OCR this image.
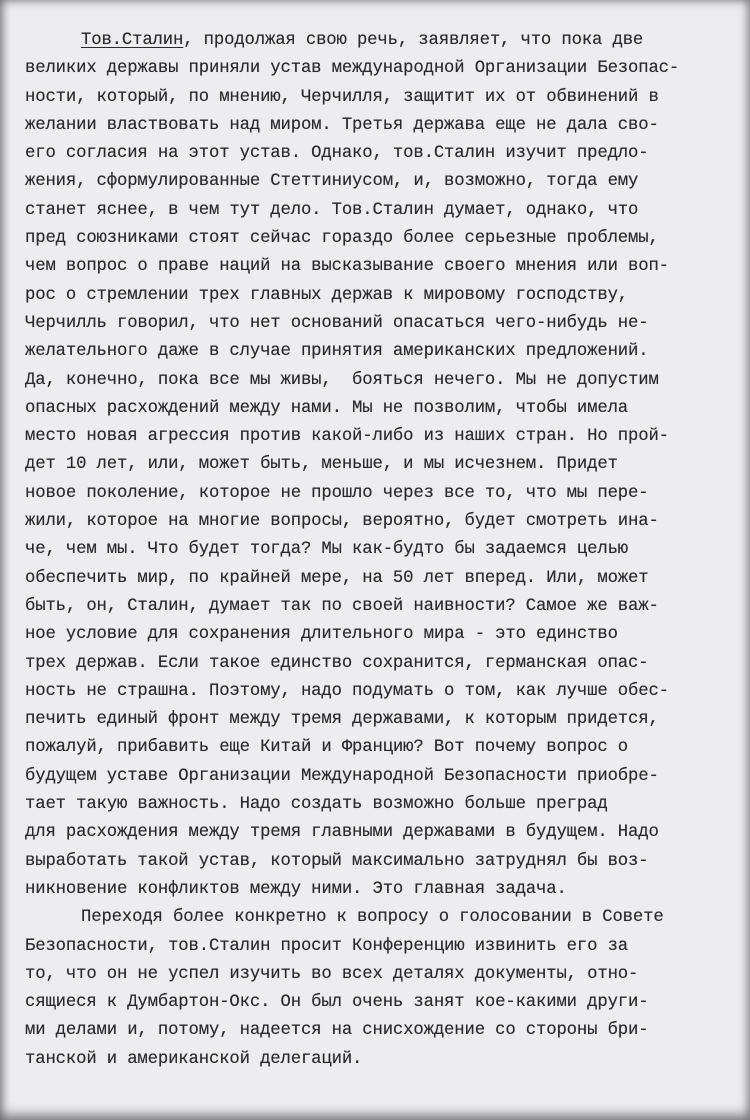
Тов.Сталин, продолжая свою речь, заявляет, что пока две
великих державы приняли устав международной Организации Безопас-
ности, который, по мнению, Черчилля, защитит их от обвинений в
желании властвовать над миром. Третья держава еще не дала сво-
его согласия на этот устав. Однако, тов.Сталин изучит предло-
жения, сформулированные Стеттиниусом, и, возможно, тогда ему
станет яснее, в чем тут дело. Тов.Сталин думает, однако, что
пред союзниками стоят сейчас гораздо более серьезные проблемы,
чем вопрос о праве наций на высказывание своего мнения или воп-
рос о стремлении трех главных держав к мировому господству,
Черчилль говорил, что нет оснований опасаться чего-нибудь не-
желательного даже в случае принятия американских предложений.
Да, конечно, пока все мы живы,  бояться нечего. Мы не допустим
опасных расхождений между нами. Мы не позволим, чтобы имела
место новая агрессия против какой-либо из наших стран. Но прой-
дет 10 лет, или, может быть, меньше, и мы исчезнем. Придет
новое поколение, которое не прошло через все то, что мы пере-
жили, которое на многие вопросы, вероятно, будет смотреть ина-
че, чем мы. Что будет тогда? Мы как-будто бы задаемся целью
обеспечить мир, по крайней мере, на 50 лет вперед. Или, может
быть, он, Сталин, думает так по своей наивности? Самое же важ-
ное условие для сохранения длительного мира - это единство
трех держав. Если такое единство сохранится, германская опас-
ность не страшна. Поэтому, надо подумать о том, как лучше обес-
печить единый фронт между тремя державами, к которым придется,
пожалуй, прибавить еще Китай и Францию? Вот почему вопрос о
будущем уставе Организации Международной Безопасности приобре-
тает такую важность. Надо создать возможно больше преград
для расхождения между тремя главными державами в будущем. Надо
выработать такой устав, который максимально затруднял бы воз-
никновение конфликтов между ними. Это главная задача.
Переходя более конкретно к вопросу о голосовании в Совете
Безопасности, тов.Сталин просит Конференцию извинить его за
то, что он не успел изучить во всех деталях документы, отно-
сящиеся к Думбартон-Окс. Он был очень занят кое-какими други-
ми делами и, потому, надеется на снисхождение со стороны бри-
танской и американской делегаций.
